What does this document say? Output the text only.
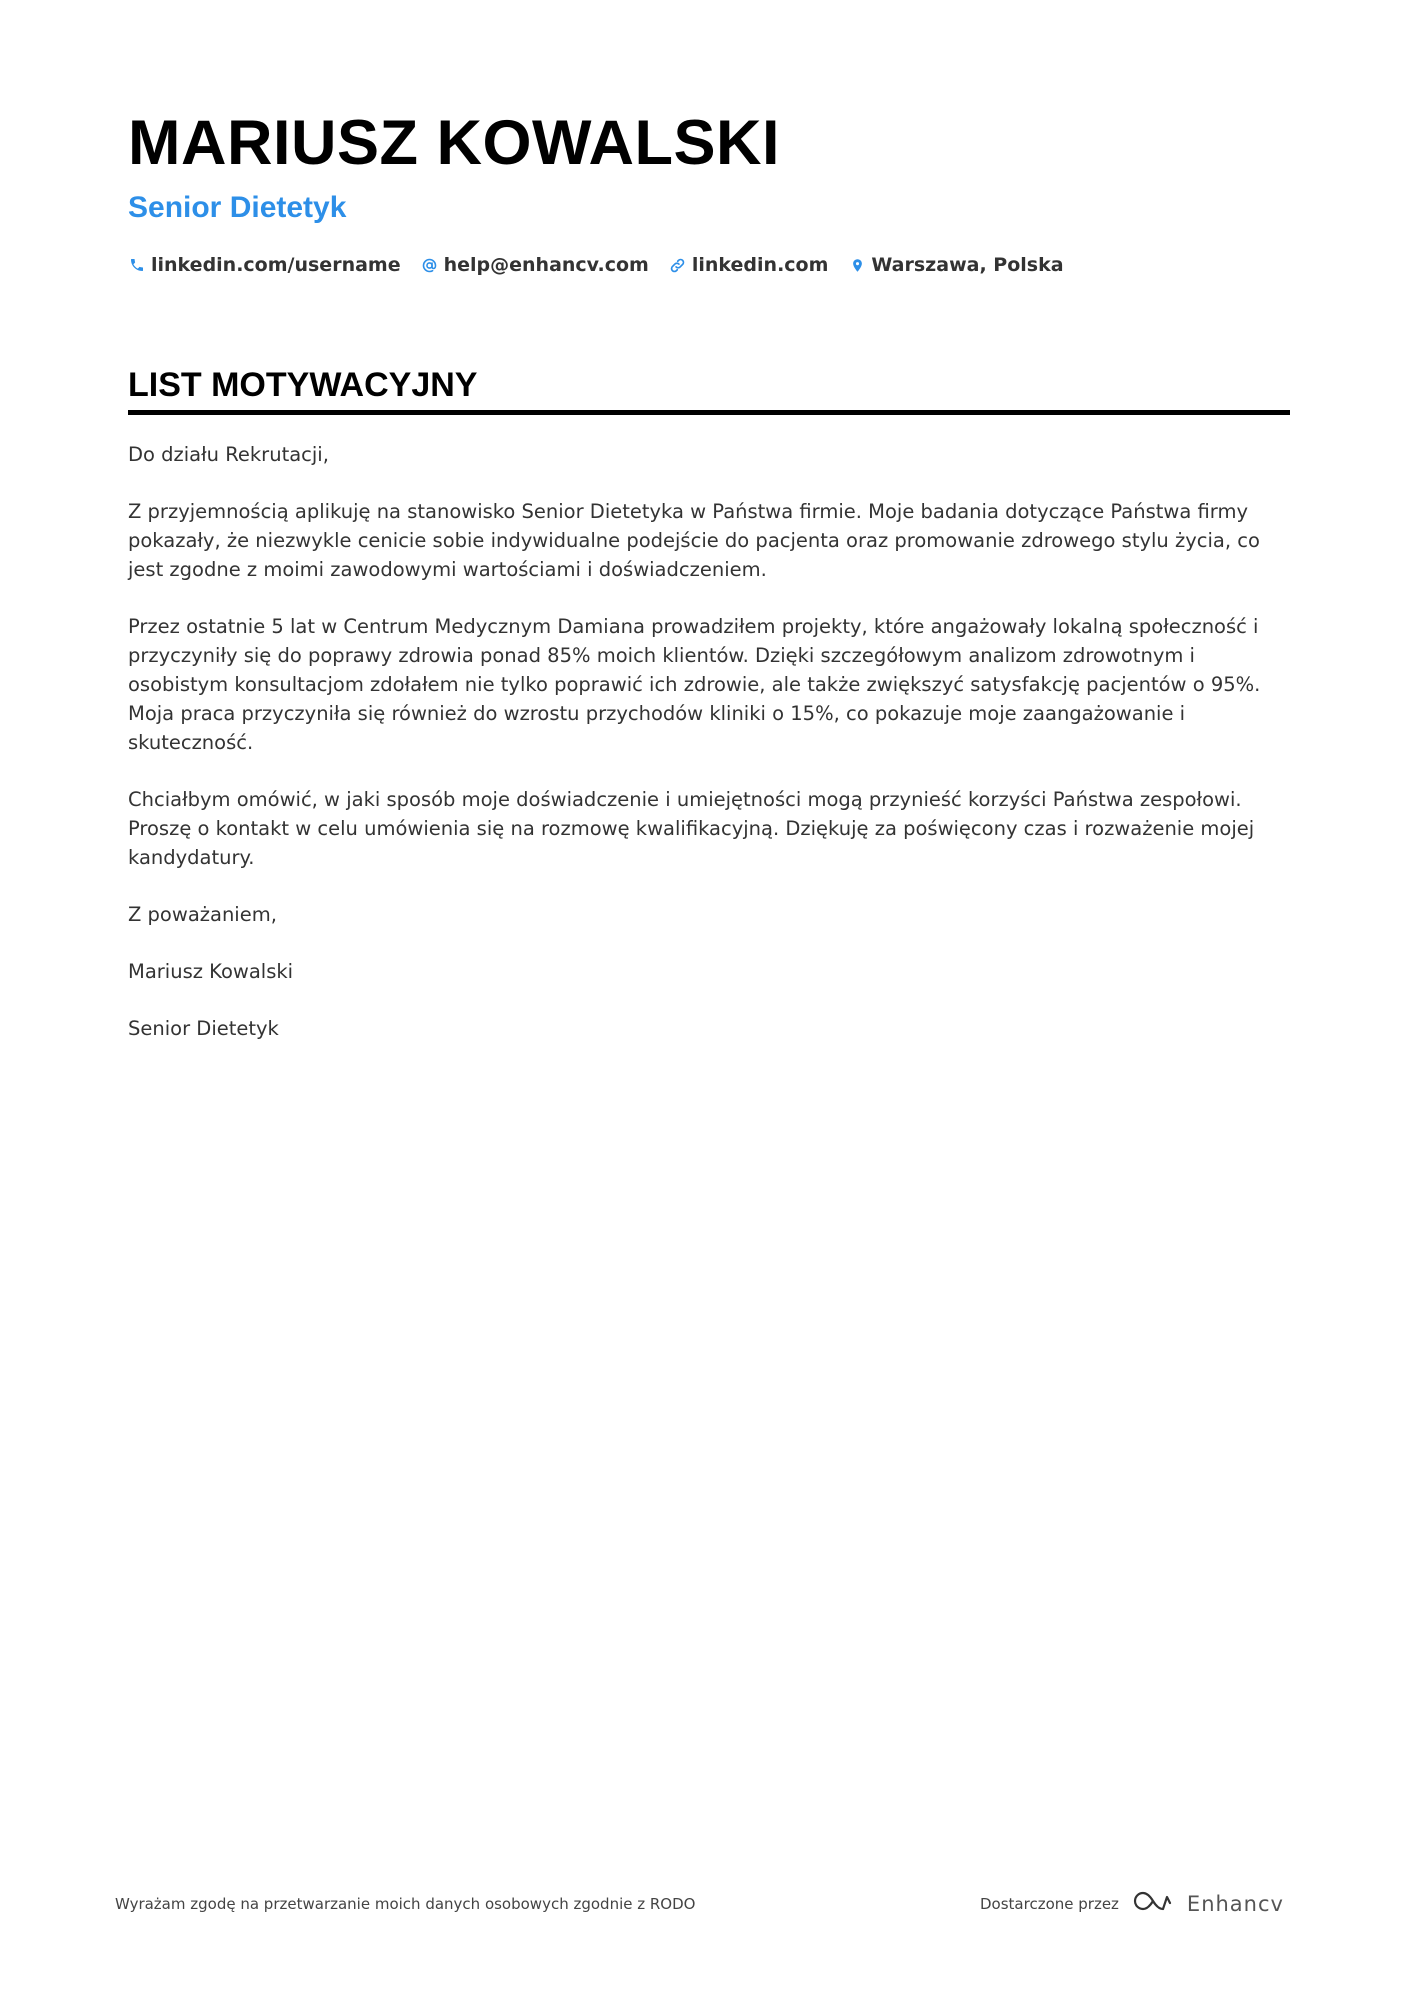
MARIUSZ KOWALSKI
Senior Dietetyk
linkedin.com/username help@enhancv.com linkedin.com Warszawa, Polska
LIST MOTYWACYJNY

Do działu Rekrutacji,

Z przyjemnością aplikuję na stanowisko Senior Dietetyka w Państwa firmie. Moje badania dotyczące Państwa firmy pokazały, że niezwykle cenicie sobie indywidualne podejście do pacjenta oraz promowanie zdrowego stylu życia, co jest zgodne z moimi zawodowymi wartościami i doświadczeniem.

Przez ostatnie 5 lat w Centrum Medycznym Damiana prowadziłem projekty, które angażowały lokalną społeczność i przyczyniły się do poprawy zdrowia ponad 85% moich klientów. Dzięki szczegółowym analizom zdrowotnym i osobistym konsultacjom zdołałem nie tylko poprawić ich zdrowie, ale także zwiększyć satysfakcję pacjentów o 95%. Moja praca przyczyniła się również do wzrostu przychodów kliniki o 15%, co pokazuje moje zaangażowanie i skuteczność.

Chciałbym omówić, w jaki sposób moje doświadczenie i umiejętności mogą przynieść korzyści Państwa zespołowi. Proszę o kontakt w celu umówienia się na rozmowę kwalifikacyjną. Dziękuję za poświęcony czas i rozważenie mojej kandydatury.

Z poważaniem,

Mariusz Kowalski

Senior Dietetyk

Wyrażam zgodę na przetwarzanie moich danych osobowych zgodnie z RODO	Dostarczone przez	Enhancv
